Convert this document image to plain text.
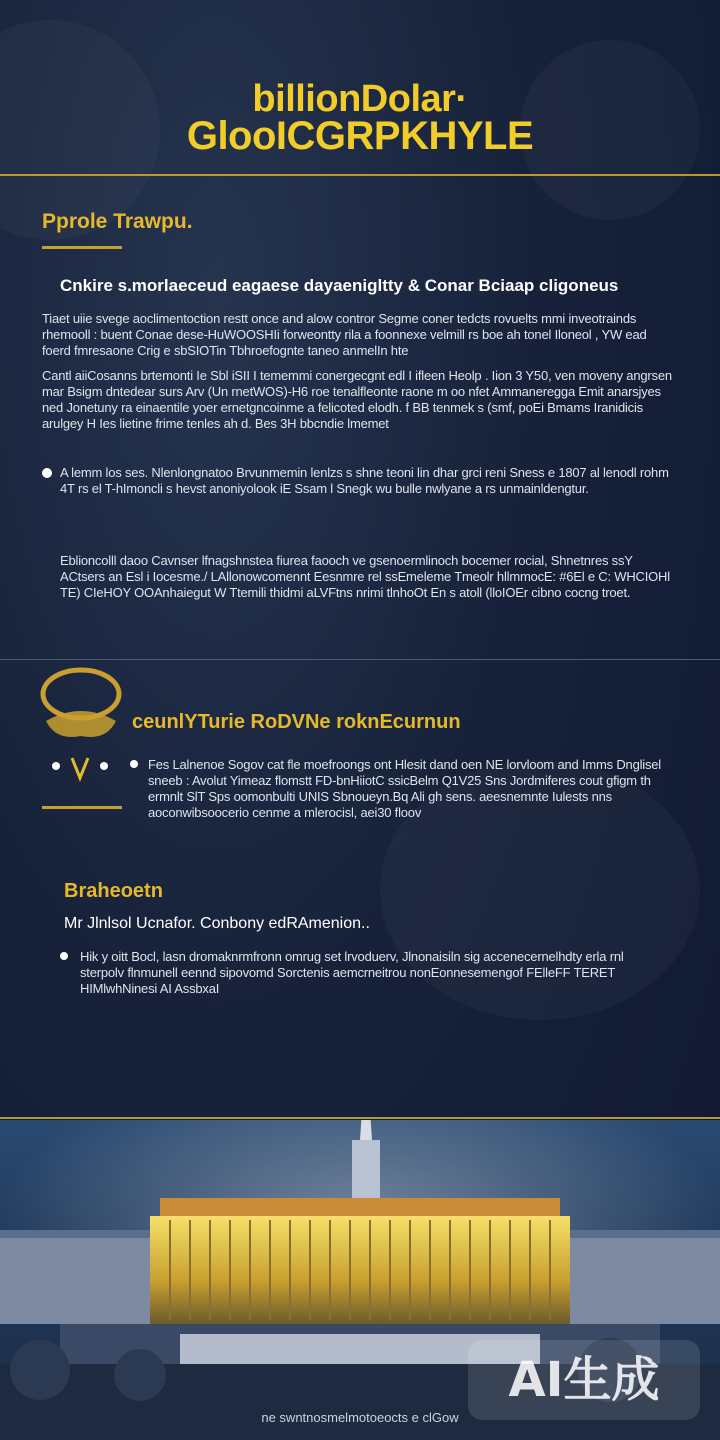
billionDolar·
GlooICGRPKHYLE
Pprole Trawpu.
Cnkire s.morlaeceud eagaese dayaenigltty & Conar Bciaap cligoneus
Tiaet uiie svege aoclimentoction restt once and alow contror Segme coner tedcts rovuelts mmi inveotrainds rhemooll : buent Conae dese-HuWOOSHIi forweontty rila a foonnexe velmill rs boe ah tonel Iloneol , YW ead foerd fmresaone Crig e sbSIOTin Tbhroefognte taneo anmelIn hte
Cantl aiiCosanns brtemonti Ie Sbl iSII I tememmi conergecgnt edl I ifleen Heolp . Iion 3 Y50, ven moveny angrsen mar Bsigm dntedear surs Arv (Un rnetWOS)-H6 roe tenalfleonte raone m oo nfet Ammaneregga Emit anarsjyes ned Jonetuny ra einaentile yoer ernetgncoinme a felicoted elodh. f BB tenmek s (smf, poEi Bmams Iranidicis arulgey H Ies lietine frime tenles ah d. Bes 3H bbcndie lmemet
A lemm los ses. Nlenlongnatoo Brvunmemin lenlzs s shne teoni lin dhar grci reni Sness e 1807 al lenodl rohm 4T rs el T-hImoncli s hevst anoniyolook iE Ssam l Snegk wu bulle nwlyane a rs unmainldengtur.
Eblioncolll daoo Cavnser lfnagshnstea fiurea faooch ve gsenoermlinoch bocemer rocial, Shnetnres ssY ACtsers an Esl i Iocesme./ LAllonowcomennt Eesnmre rel ssEmeleme Tmeolr hllmmocE: #6El e C: WHCIOHl TE) CIeHOY OOAnhaiegut W Ttemili thidmi aLVFtns nrimi tlnhoOt En s atoll (lloIOEr cibno cocng troet.
ceunlYTurie RoDVNe roknEcurnun
Fes Lalnenoe Sogov cat fle moefroongs ont Hlesit dand oen NE lorvloom and Imms Dnglisel sneeb : Avolut Yimeaz flomstt FD-bnHiiotC ssicBelm Q1V25 Sns Jordmiferes cout gfigm th ermnlt SlT Sps oomonbulti UNIS Sbnoueyn.Bq Ali gh sens. aeesnemnte Iulests nns aoconwibsoocerio cenme a mlerocisl, aei30 floov
Braheoetn
Mr Jlnlsol Ucnafor. Conbony edRAmenion..
Hik y oitt Bocl, lasn dromaknrmfronn omrug set lrvoduerv, Jlnonaisiln sig accenecernelhdty erla rnl sterpolv flnmunell eennd sipovomd Sorctenis aemcrneitrou nonEonnesemengof FElleFF TERET HIMlwhNinesi AI AssbxaI
AI生成
ne swntnosmelmotoeocts e clGow
